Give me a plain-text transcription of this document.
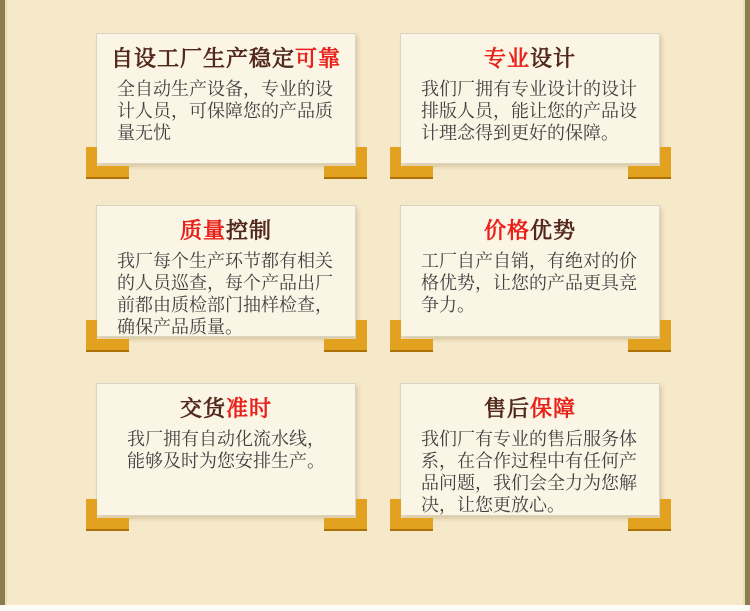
自设工厂生产稳定可靠
全自动生产设备，专业的设计人员，可保障您的产品质量无忧
专业设计
我们厂拥有专业设计的设计排版人员，能让您的产品设计理念得到更好的保障。
质量控制
我厂每个生产环节都有相关的人员巡查，每个产品出厂前都由质检部门抽样检查，确保产品质量。
价格优势
工厂自产自销，有绝对的价格优势，让您的产品更具竞争力。
交货准时
我厂拥有自动化流水线，能够及时为您安排生产。
售后保障
我们厂有专业的售后服务体系，在合作过程中有任何产品问题，我们会全力为您解决，让您更放心。
